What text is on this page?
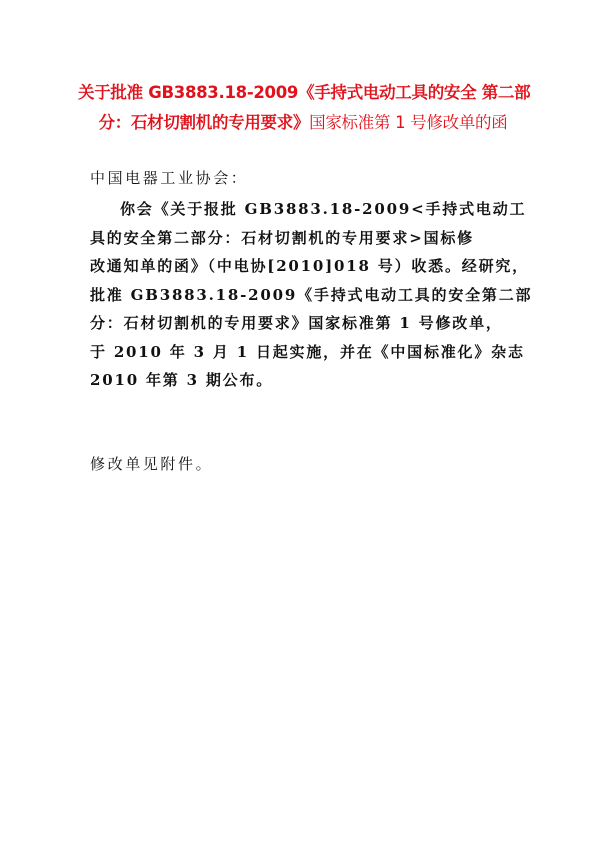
关于批准 GB3883.18-2009《手持式电动工具的安全 第二部
分：石材切割机的专用要求》国家标准第 1 号修改单的函
中国电器工业协会：
你会《关于报批 GB3883.18-2009<手持式电动工
具的安全第二部分：石材切割机的专用要求>国标修
改通知单的函》（中电协[2010]018 号）收悉。经研究，
批准 GB3883.18-2009《手持式电动工具的安全第二部
分：石材切割机的专用要求》国家标准第 1 号修改单，
于 2010 年 3 月 1 日起实施，并在《中国标准化》杂志
2010 年第 3 期公布。
修改单见附件。
